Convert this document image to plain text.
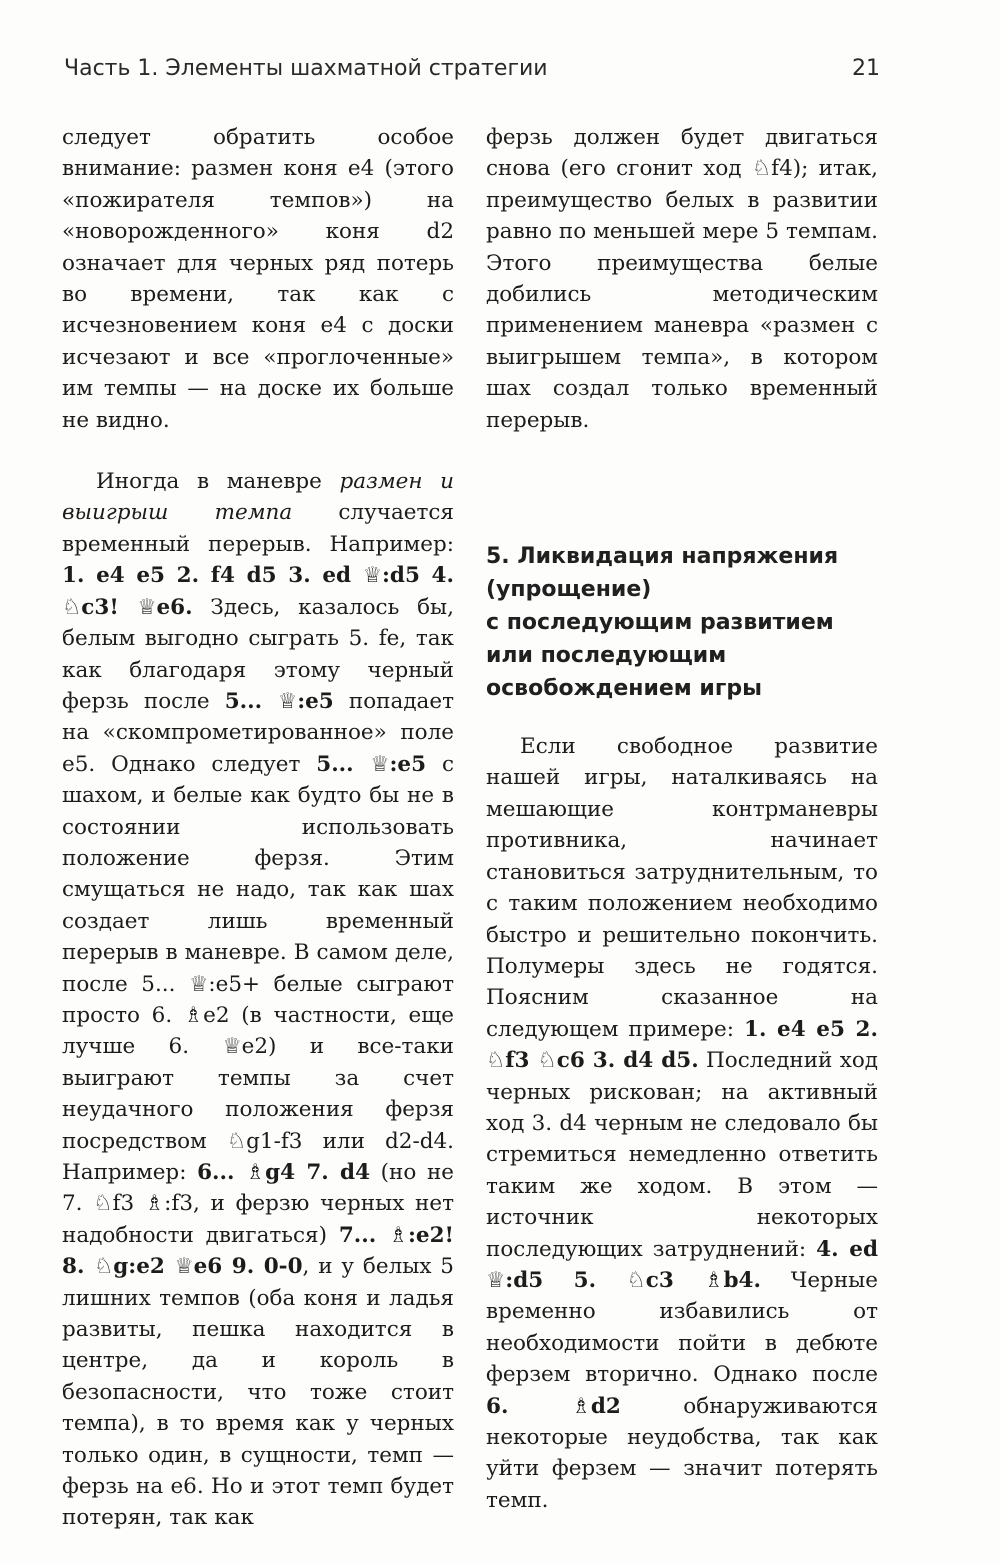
Часть 1. Элементы шахматной стратегии	21

следует обратить особое внимание: размен коня е4 (этого «пожирателя темпов») на «новорожденного» коня d2 означает для черных ряд потерь во времени, так как с исчезновением коня е4 с доски исчезают и все «проглоченные» им темпы — на доске их больше не видно.

Иногда в маневре размен и выигрыш темпа случается временный перерыв. Например: 1. е4 е5 2. f4 d5 3. ed ♕:d5 4. ♘c3! ♕e6. Здесь, казалось бы, белым выгодно сыграть 5. fe, так как благодаря этому черный ферзь после 5... ♕:e5 попадает на «скомпрометированное» поле е5. Однако следует 5... ♕:e5 с шахом, и белые как будто бы не в состоянии использовать положение ферзя. Этим смущаться не надо, так как шах создает лишь временный перерыв в маневре. В самом деле, после 5... ♕:е5+ белые сыграют просто 6. ♗e2 (в частности, еще лучше 6. ♕e2) и все-таки выиграют темпы за счет неудачного положения ферзя посредством ♘g1-f3 или d2-d4. Например: 6... ♗g4 7. d4 (но не 7. ♘f3 ♗:f3, и ферзю черных нет надобности двигаться) 7... ♗:e2! 8. ♘g:e2 ♕e6 9. 0-0, и у белых 5 лишних темпов (оба коня и ладья развиты, пешка находится в центре, да и король в безопасности, что тоже стоит темпа), в то время как у черных только один, в сущности, темп — ферзь на е6. Но и этот темп будет потерян, так как

ферзь должен будет двигаться снова (его сгонит ход ♘f4); итак, преимущество белых в развитии равно по меньшей мере 5 темпам. Этого преимущества белые добились методическим применением маневра «размен с выигрышем темпа», в котором шах создал только временный перерыв.

5. Ликвидация напряжения
(упрощение)
с последующим развитием
или последующим
освобождением игры

Если свободное развитие нашей игры, наталкиваясь на мешающие контрманевры противника, начинает становиться затруднительным, то с таким положением необходимо быстро и решительно покончить. Полумеры здесь не годятся. Поясним сказанное на следующем примере: 1. е4 е5 2. ♘f3 ♘c6 3. d4 d5. Последний ход черных рискован; на активный ход 3. d4 черным не следовало бы стремиться немедленно ответить таким же ходом. В этом — источник некоторых последующих затруднений: 4. ed ♕:d5 5. ♘c3 ♗b4. Черные временно избавились от необходимости пойти в дебюте ферзем вторично. Однако после 6. ♗d2 обнаруживаются некоторые неудобства, так как уйти ферзем — значит потерять темп.
